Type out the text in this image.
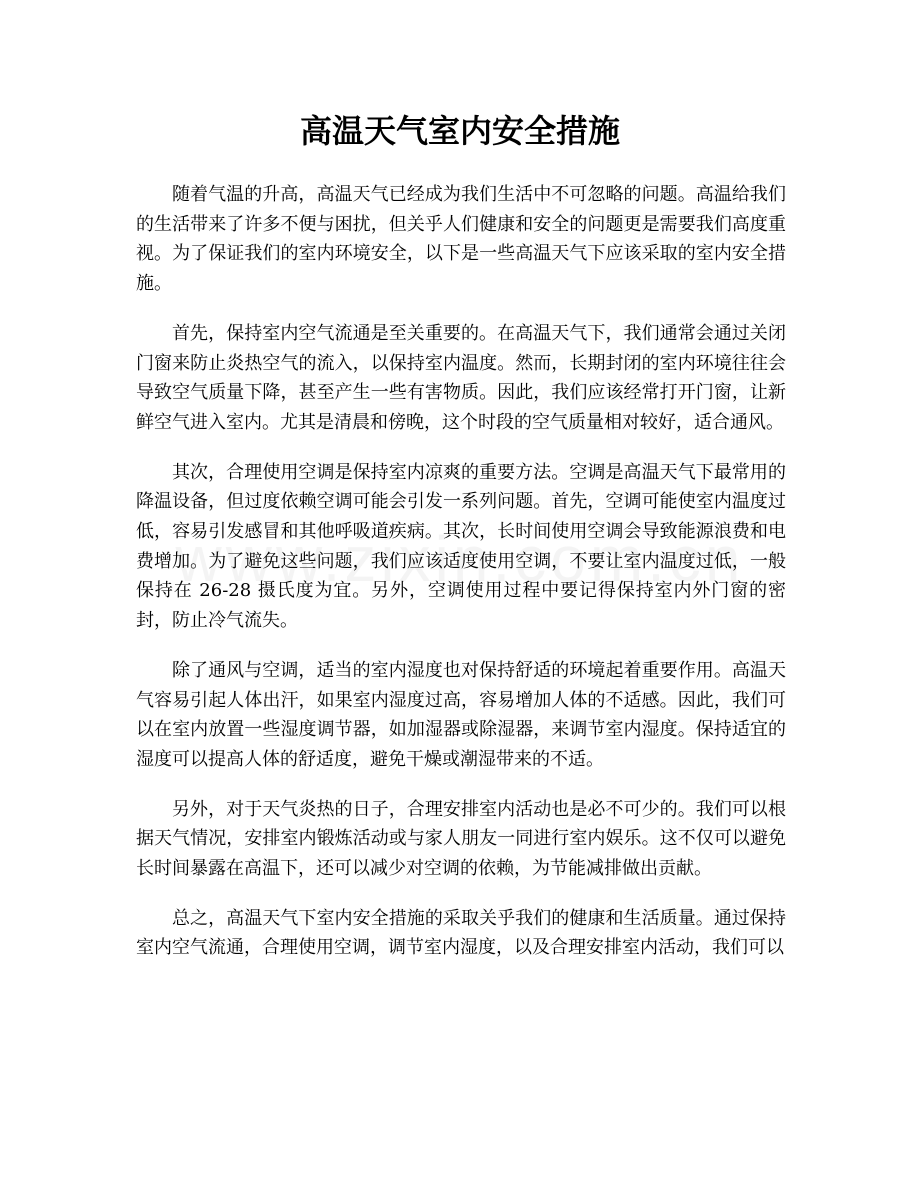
高温天气室内安全措施

随着气温的升高，高温天气已经成为我们生活中不可忽略的问题。高温给我们的生活带来了许多不便与困扰，但关乎人们健康和安全的问题更是需要我们高度重视。为了保证我们的室内环境安全，以下是一些高温天气下应该采取的室内安全措施。

首先，保持室内空气流通是至关重要的。在高温天气下，我们通常会通过关闭门窗来防止炎热空气的流入，以保持室内温度。然而，长期封闭的室内环境往往会导致空气质量下降，甚至产生一些有害物质。因此，我们应该经常打开门窗，让新鲜空气进入室内。尤其是清晨和傍晚，这个时段的空气质量相对较好，适合通风。

其次，合理使用空调是保持室内凉爽的重要方法。空调是高温天气下最常用的降温设备，但过度依赖空调可能会引发一系列问题。首先，空调可能使室内温度过低，容易引发感冒和其他呼吸道疾病。其次，长时间使用空调会导致能源浪费和电费增加。为了避免这些问题，我们应该适度使用空调，不要让室内温度过低，一般保持在 26-28 摄氏度为宜。另外，空调使用过程中要记得保持室内外门窗的密封，防止冷气流失。

除了通风与空调，适当的室内湿度也对保持舒适的环境起着重要作用。高温天气容易引起人体出汗，如果室内湿度过高，容易增加人体的不适感。因此，我们可以在室内放置一些湿度调节器，如加湿器或除湿器，来调节室内湿度。保持适宜的湿度可以提高人体的舒适度，避免干燥或潮湿带来的不适。

另外，对于天气炎热的日子，合理安排室内活动也是必不可少的。我们可以根据天气情况，安排室内锻炼活动或与家人朋友一同进行室内娱乐。这不仅可以避免长时间暴露在高温下，还可以减少对空调的依赖，为节能减排做出贡献。

总之，高温天气下室内安全措施的采取关乎我们的健康和生活质量。通过保持室内空气流通，合理使用空调，调节室内湿度，以及合理安排室内活动，我们可以
